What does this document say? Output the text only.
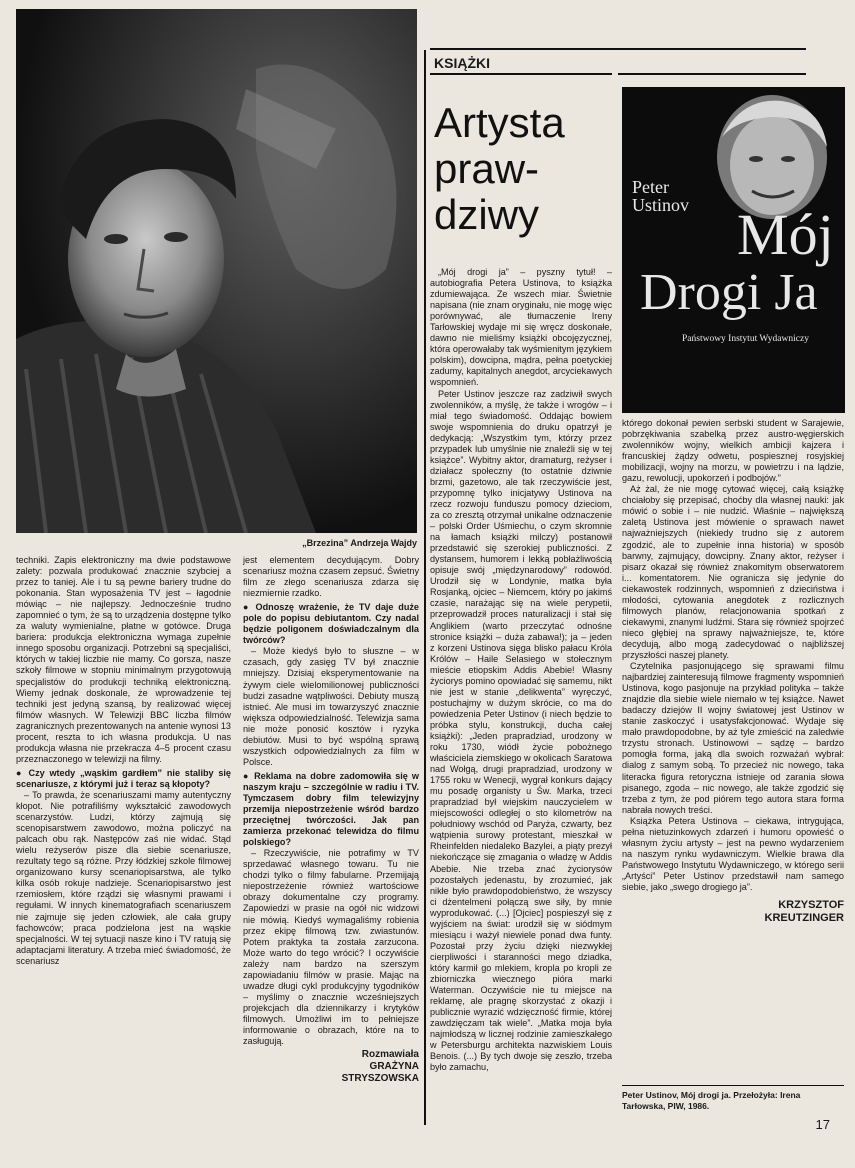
„Brzezina” Andrzeja Wajdy

techniki. Zapis elektroniczny ma dwie podstawowe zalety: pozwala produkować znacznie szybciej a przez to taniej. Ale i tu są pewne bariery trudne do pokonania. Stan wyposażenia TV jest – łagodnie mówiąc – nie najlepszy. Jednocześnie trudno zapomnieć o tym, że są to urządzenia dostępne tylko za waluty wymienialne, płatne w gotówce. Druga bariera: produkcja elektroniczna wymaga zupełnie innego sposobu organizacji. Potrzebni są specjaliści, których w takiej liczbie nie mamy. Co gorsza, nasze szkoły filmowe w stopniu minimalnym przygotowują specjalistów do produkcji techniką elektroniczną. Wiemy jednak doskonale, że wprowadzenie tej techniki jest jedyną szansą, by realizować więcej filmów własnych. W Telewizji BBC liczba filmów zagranicznych prezentowanych na antenie wynosi 13 procent, reszta to ich własna produkcja. U nas produkcja własna nie przekracza 4–5 procent czasu przeznaczonego w telewizji na filmy.

● Czy wtedy „wąskim gardłem” nie staliby się scenariusze, z którymi już i teraz są kłopoty?

– To prawda, że scenariuszami mamy autentyczny kłopot. Nie potrafiliśmy wykształcić zawodowych scenarzystów. Ludzi, którzy zajmują się scenopisarstwem zawodowo, można policzyć na palcach obu rąk. Następców zaś nie widać. Stąd wielu reżyserów pisze dla siebie scenariusze, rezultaty tego są różne. Przy łódzkiej szkole filmowej organizowano kursy scenariopisarstwa, ale tylko kilka osób rokuje nadzieje. Scenariopisarstwo jest rzemiosłem, które rządzi się własnymi prawami i regułami. W innych kinematografiach scenariuszem nie zajmuje się jeden człowiek, ale cała grupy fachowców; praca podzielona jest na wąskie specjalności. W tej sytuacji nasze kino i TV ratują się adaptacjami literatury. A trzeba mieć świadomość, że scenariusz

jest elementem decydującym. Dobry scenariusz można czasem zepsuć. Świetny film ze złego scenariusza zdarza się niezmiernie rzadko.

● Odnoszę wrażenie, że TV daje duże pole do popisu debiutantom. Czy nadal będzie poligonem doświadczalnym dla twórców?

– Może kiedyś było to słuszne – w czasach, gdy zasięg TV był znacznie mniejszy. Dzisiaj eksperymentowanie na żywym ciele wielomilionowej publiczności budzi zasadne wątpliwości. Debiuty muszą istnieć. Ale musi im towarzyszyć znacznie większa odpowiedzialność. Telewizja sama nie może ponosić kosztów i ryzyka debiutów. Musi to być wspólną sprawą wszystkich odpowiedzialnych za film w Polsce.

● Reklama na dobre zadomowiła się w naszym kraju – szczególnie w radiu i TV. Tymczasem dobry film telewizyjny przemija niepostrzeżenie wśród bardzo przeciętnej twórczości. Jak pan zamierza przekonać telewidza do filmu polskiego?

– Rzeczywiście, nie potrafimy w TV sprzedawać własnego towaru. Tu nie chodzi tylko o filmy fabularne. Przemijają niepostrzeżenie również wartościowe obrazy dokumentalne czy programy. Zapowiedzi w prasie na ogół nic widzowi nie mówią. Kiedyś wymagaliśmy robienia przez ekipę filmową tzw. zwiastunów. Potem praktyka ta została zarzucona. Może warto do tego wrócić? I oczywiście zależy nam bardzo na szerszym zapowiadaniu filmów w prasie. Mając na uwadze długi cykl produkcyjny tygodników – myślimy o znacznie wcześniejszych projekcjach dla dziennikarzy i krytyków filmowych. Umożliwi im to pełniejsze informowanie o obrazach, które na to zasługują.

Rozmawiała
GRAŻYNA
STRYSZOWSKA
KSIĄŻKI
Artysta
praw-
dziwy
Peter
Ustinov Mój
Drogi Ja
Państwowy Instytut Wydawniczy

„Mój drogi ja” – pyszny tytuł! – autobiografia Petera Ustinova, to książka zdumiewająca. Ze wszech miar. Świetnie napisana (nie znam oryginału, nie mogę więc porównywać, ale tłumaczenie Ireny Tarłowskiej wydaje mi się wręcz doskonałe, dawno nie mieliśmy książki obcojęzycznej, która operowałaby tak wyśmienitym językiem polskim), dowcipna, mądra, pełna poetyckiej zadumy, kapitalnych anegdot, arcyciekawych wspomnień.

Peter Ustinov jeszcze raz zadziwił swych zwolenników, a myślę, że także i wrogów – i miał tego świadomość. Oddając bowiem swoje wspomnienia do druku opatrzył je dedykacją: „Wszystkim tym, którzy przez przypadek lub umyślnie nie znaleźli się w tej książce”. Wybitny aktor, dramaturg, reżyser i działacz społeczny (to ostatnie dziwnie brzmi, gazetowo, ale tak rzeczywiście jest, przypomnę tylko inicjatywy Ustinova na rzecz rozwoju funduszu pomocy dzieciom, za co zresztą otrzymał unikalne odznaczenie – polski Order Uśmiechu, o czym skromnie na łamach książki milczy) postanowił przedstawić się szerokiej publiczności. Z dystansem, humorem i lekką pobłażliwością opisuje swój „międzynarodowy” rodowód. Urodził się w Londynie, matka była Rosjanką, ojciec – Niemcem, który po jakimś czasie, narażając się na wiele perypetii, przeprowadził proces naturalizacji i stał się Anglikiem (warto przeczytać odnośne stronice książki – duża zabawa!); ja – jeden z korzeni Ustinova sięga blisko pałacu Króla Królów – Haile Selasiego w stołecznym mieście etiopskim Addis Abebie! Własny życiorys pomino opowiadać się samemu, nikt nie jest w stanie „delikwenta” wyręczyć, postuchajmy w dużym skrócie, co ma do powiedzenia Peter Ustinov (i niech będzie to próbka stylu, konstrukcji, ducha całej książki): „Jeden prapradziad, urodzony w roku 1730, wiódł życie pobożnego właściciela ziemskiego w okolicach Saratowa nad Wołgą, drugi prapradziad, urodzony w 1755 roku w Wenecji, wygrał konkurs dający mu posadę organisty u Św. Marka, trzeci prapradziad był wiejskim nauczycielem w miejscowości odległej o sto kilometrów na południowy wschód od Paryża, czwarty, bez wątpienia surowy protestant, mieszkał w Rheinfelden niedaleko Bazylei, a piąty prezył niekończące się zmagania o władzę w Addis Abebie. Nie trzeba znać życiorysów pozostałych jedenastu, by zrozumieć, jak nikłe było prawdopodobieństwo, że wszyscy ci dżentelmeni połączą swe siły, by mnie wyprodukować. (...) [Ojciec] pospieszył się z wyjściem na świat: urodził się w siódmym miesiącu i ważył niewiele ponad dwa funty. Pozostał przy życiu dzięki niezwykłej cierpliwości i staranności mego dziadka, który karmił go mlekiem, kropla po kropli ze zbiorniczka wiecznego pióra marki Waterman. Oczywiście nie tu miejsce na reklamę, ale pragnę skorzystać z okazji i publicznie wyrazić wdzięczność firmie, której zawdzięczam tak wiele”. „Matka moja była najmłodszą w licznej rodzinie zamieszkałego w Petersburgu architekta nazwiskiem Louis Benois. (...) By tych dwoje się zeszło, trzeba było zamachu,

którego dokonał pewien serbski student w Sarajewie, pobrzękiwania szabelką przez austro-węgierskich zwolenników wojny, wielkich ambicji kajzera i francuskiej żądzy odwetu, pospiesznej rosyjskiej mobilizacji, wojny na morzu, w powietrzu i na lądzie, gazu, rewolucji, upokorzeń i podbojów.”

Aż żal, że nie mogę cytować więcej, całą książkę chciałoby się przepisać, choćby dla własnej nauki: jak mówić o sobie i – nie nudzić. Właśnie – największą zaletą Ustinova jest mówienie o sprawach nawet najważniejszych (niekiedy trudno się z autorem zgodzić, ale to zupełnie inna historia) w sposób barwny, zajmujący, dowcipny. Znany aktor, reżyser i pisarz okazał się również znakomitym obserwatorem i... komentatorem. Nie ogranicza się jedynie do ciekawostek rodzinnych, wspomnień z dzieciństwa i młodości, cytowania anegdotek z rozlicznych filmowych planów, relacjonowania spotkań z ciekawymi, znanymi ludźmi. Stara się również spojrzeć nieco głębiej na sprawy najważniejsze, te, które decydują, albo mogą zadecydować o najbliższej przyszłości naszej planety.

Czytelnika pasjonującego się sprawami filmu najbardziej zainteresują filmowe fragmenty wspomnień Ustinova, kogo pasjonuje na przykład polityka – także znajdzie dla siebie wiele niemało w tej książce. Nawet badaczy dziejów II wojny światowej jest Ustinov w stanie zaskoczyć i usatysfakcjonować. Wydaje się mało prawdopodobne, by aż tyle zmieścić na zaledwie trzystu stronach. Ustinowowi – sądzę – bardzo pomogła forma, jaką dla swoich rozważań wybrał: dialog z samym sobą. To przecież nic nowego, taka literacka figura retoryczna istnieje od zarania słowa pisanego, zgoda – nic nowego, ale także zgodzić się trzeba z tym, że pod piórem tego autora stara forma nabrała nowych treści.

Książka Petera Ustinova – ciekawa, intrygująca, pełna nietuzinkowych zdarzeń i humoru opowieść o własnym życiu artysty – jest na pewno wydarzeniem na naszym rynku wydawniczym. Wielkie brawa dla Państwowego Instytutu Wydawniczego, w którego serii „Artyści” Peter Ustinov przedstawił nam samego siebie, jako „swego drogiego ja”.

KRZYSZTOF
KREUTZINGER
Peter Ustinov, Mój drogi ja. Przełożyła: Irena Tarłowska, PIW, 1986.
17
